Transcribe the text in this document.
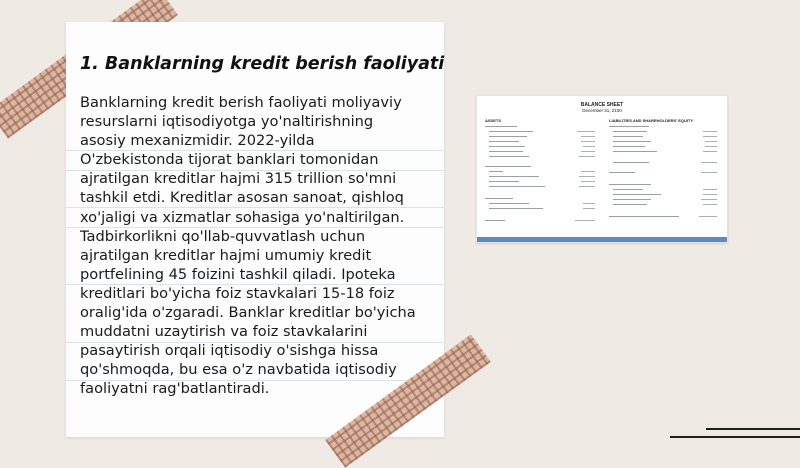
1. Banklarning kredit berish faoliyati

Banklarning kredit berish faoliyati moliyaviy resurslarni iqtisodiyotga yo'naltirishning asosiy mexanizmidir. 2022-yilda O'zbekistonda tijorat banklari tomonidan ajratilgan kreditlar hajmi 315 trillion so'mni tashkil etdi. Kreditlar asosan sanoat, qishloq xo'jaligi va xizmatlar sohasiga yo'naltirilgan. Tadbirkorlikni qo'llab-quvvatlash uchun ajratilgan kreditlar hajmi umumiy kredit portfelining 45 foizini tashkil qiladi. Ipoteka kreditlari bo'yicha foiz stavkalari 15-18 foiz oralig'ida o'zgaradi. Banklar kreditlar bo'yicha muddatni uzaytirish va foiz stavkalarini pasaytirish orqali iqtisodiy o'sishga hissa qo'shmoqda, bu esa o'z navbatida iqtisodiy faoliyatni rag'batlantiradi.

BALANCE SHEET
December 31, 2100
ASSETS	LIABILITIES AND SHAREHOLDERS' EQUITY
